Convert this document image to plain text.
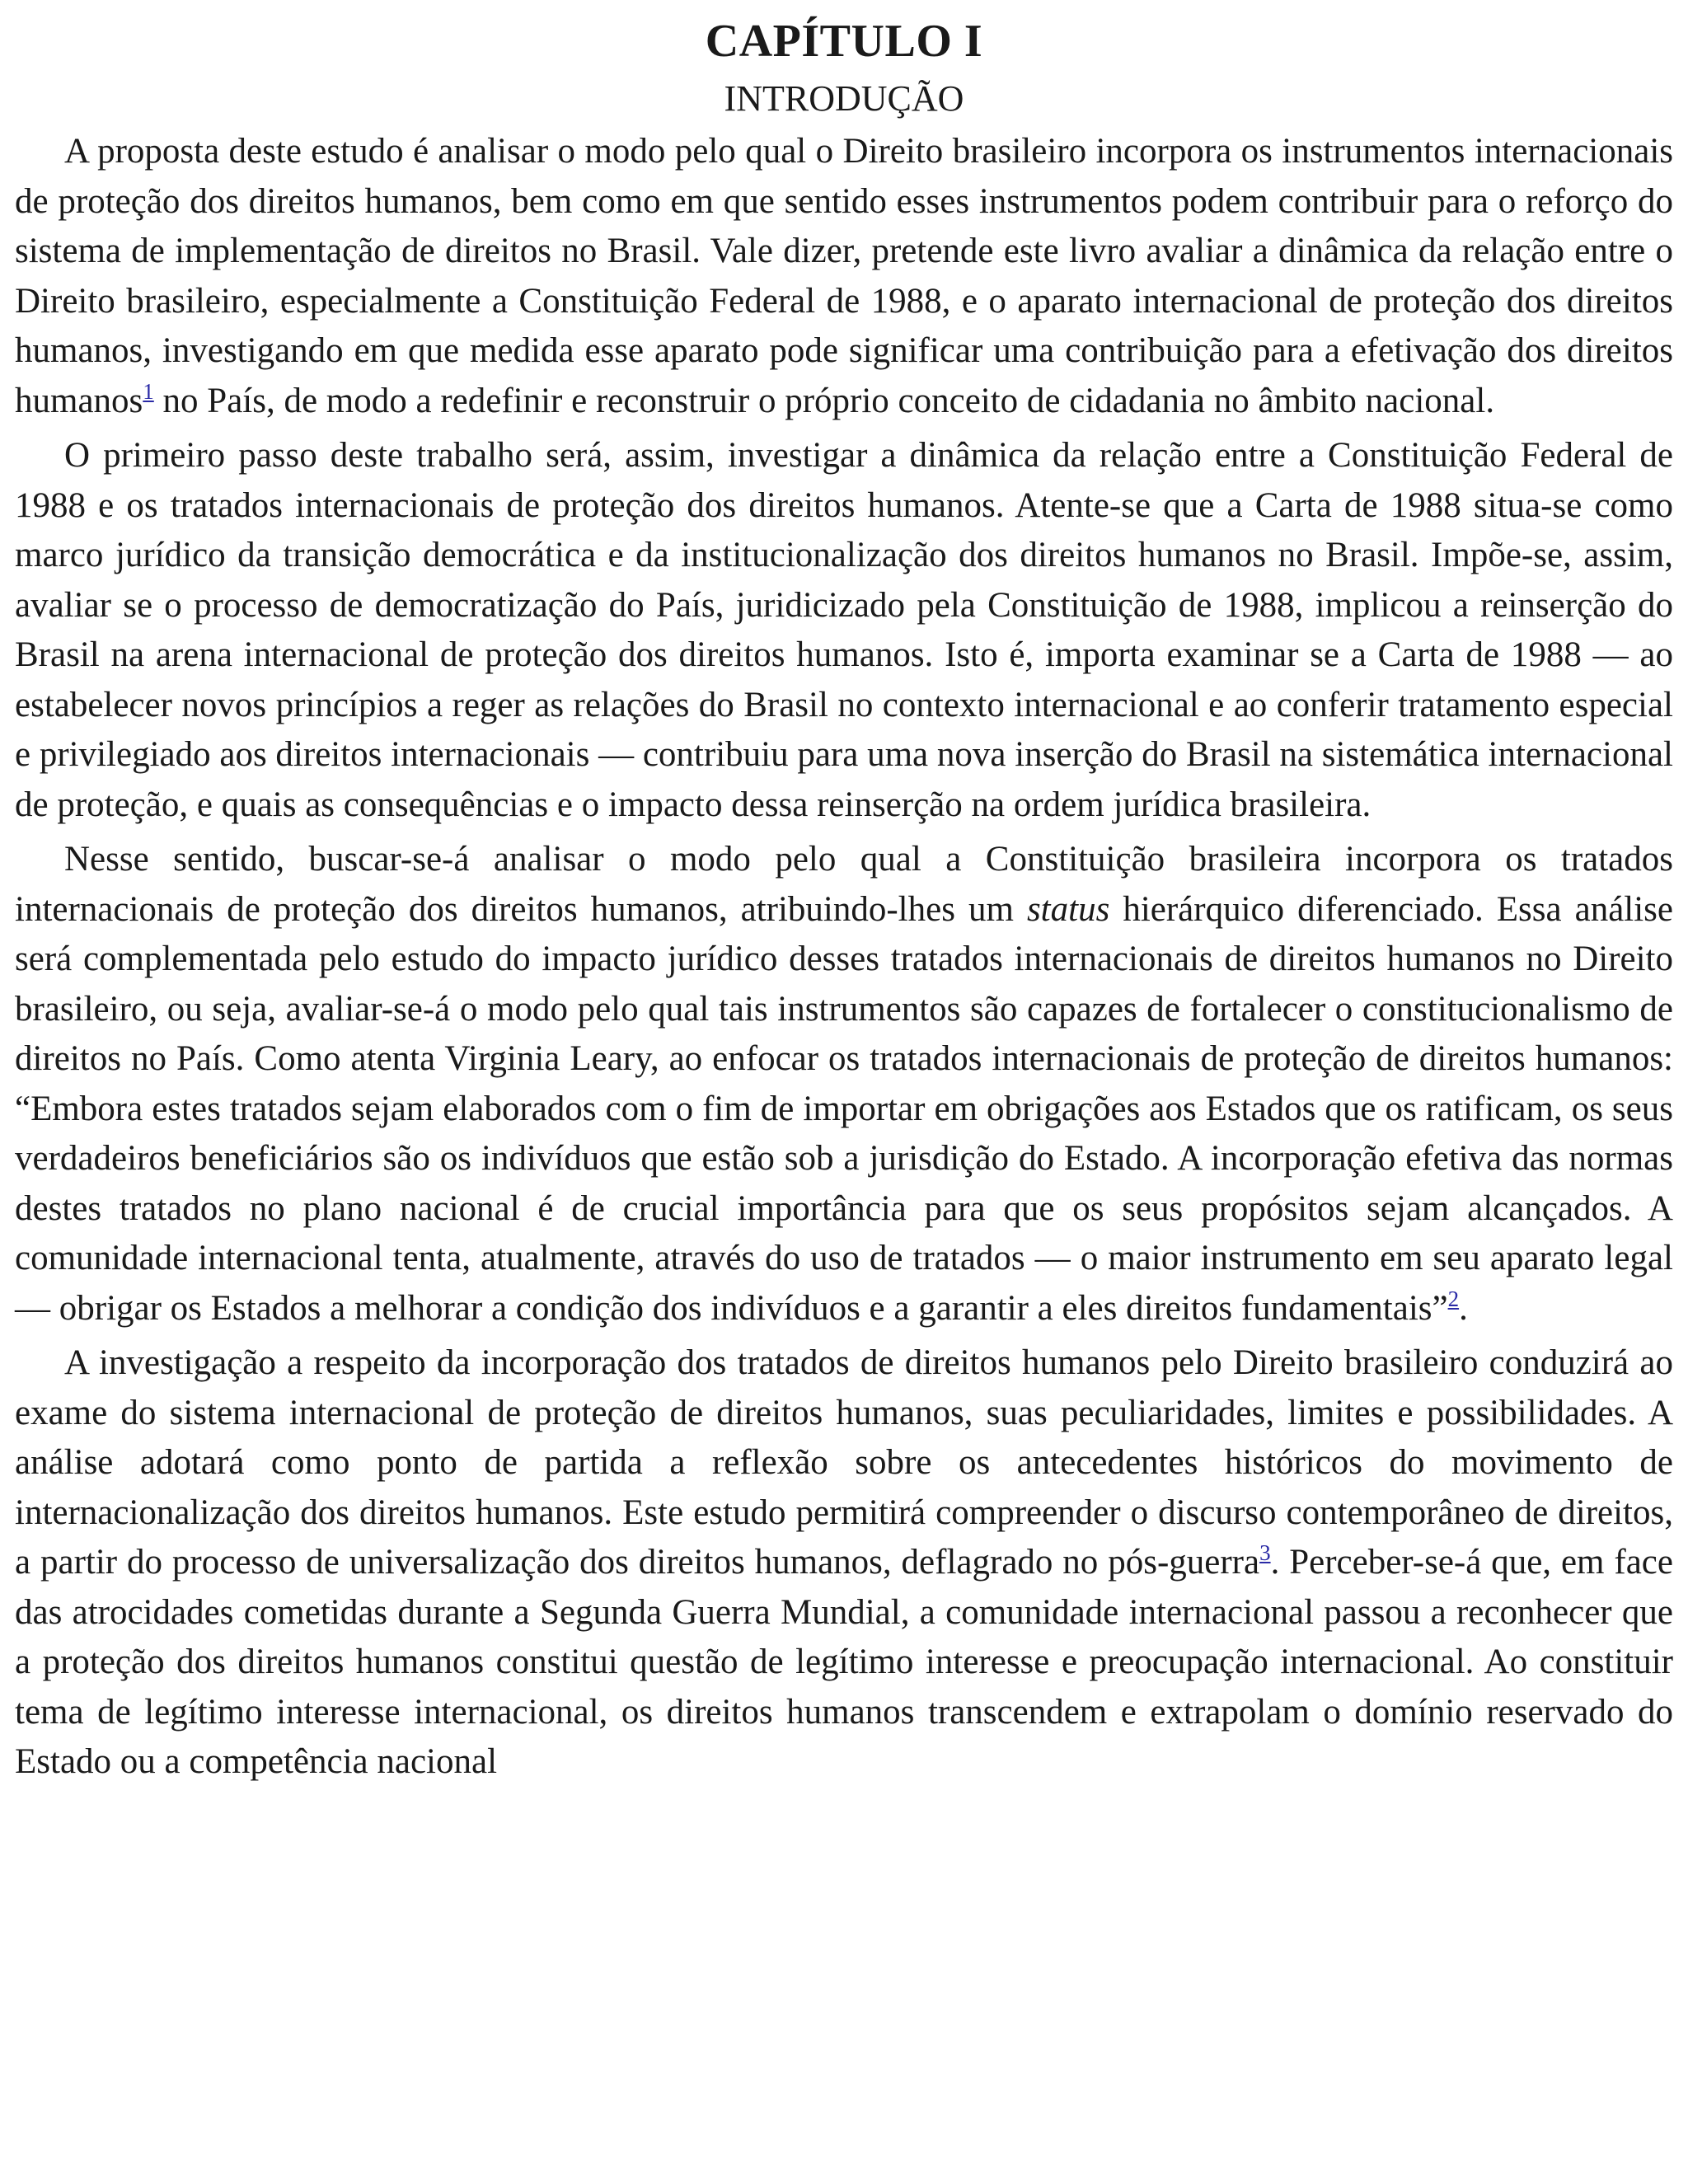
CAPÍTULO I
INTRODUÇÃO

A proposta deste estudo é analisar o modo pelo qual o Direito brasileiro incorpora os instrumentos internacionais de proteção dos direitos humanos, bem como em que sentido esses instrumentos podem contribuir para o reforço do sistema de implementação de direitos no Brasil. Vale dizer, pretende este livro avaliar a dinâmica da relação entre o Direito brasileiro, especialmente a Constituição Federal de 1988, e o aparato internacional de proteção dos direitos humanos, investigando em que medida esse aparato pode significar uma contribuição para a efetivação dos direitos humanos$^1$ no País, de modo a redefinir e reconstruir o próprio conceito de cidadania no âmbito nacional.

O primeiro passo deste trabalho será, assim, investigar a dinâmica da relação entre a Constituição Federal de 1988 e os tratados internacionais de proteção dos direitos humanos. Atente-se que a Carta de 1988 situa-se como marco jurídico da transição democrática e da institucionalização dos direitos humanos no Brasil. Impõe-se, assim, avaliar se o processo de democratização do País, juridicizado pela Constituição de 1988, implicou a reinserção do Brasil na arena internacional de proteção dos direitos humanos. Isto é, importa examinar se a Carta de 1988 — ao estabelecer novos princípios a reger as relações do Brasil no contexto internacional e ao conferir tratamento especial e privilegiado aos direitos internacionais — contribuiu para uma nova inserção do Brasil na sistemática internacional de proteção, e quais as consequências e o impacto dessa reinserção na ordem jurídica brasileira.

Nesse sentido, buscar-se-á analisar o modo pelo qual a Constituição brasileira incorpora os tratados internacionais de proteção dos direitos humanos, atribuindo-lhes um status hierárquico diferenciado. Essa análise será complementada pelo estudo do impacto jurídico desses tratados internacionais de direitos humanos no Direito brasileiro, ou seja, avaliar-se-á o modo pelo qual tais instrumentos são capazes de fortalecer o constitucionalismo de direitos no País. Como atenta Virginia Leary, ao enfocar os tratados internacionais de proteção de direitos humanos: “Embora estes tratados sejam elaborados com o fim de importar em obrigações aos Estados que os ratificam, os seus verdadeiros beneficiários são os indivíduos que estão sob a jurisdição do Estado. A incorporação efetiva das normas destes tratados no plano nacional é de crucial importância para que os seus propósitos sejam alcançados. A comunidade internacional tenta, atualmente, através do uso de tratados — o maior instrumento em seu aparato legal — obrigar os Estados a melhorar a condição dos indivíduos e a garantir a eles direitos fundamentais”$^2$.

A investigação a respeito da incorporação dos tratados de direitos humanos pelo Direito brasileiro conduzirá ao exame do sistema internacional de proteção de direitos humanos, suas peculiaridades, limites e possibilidades. A análise adotará como ponto de partida a reflexão sobre os antecedentes históricos do movimento de internacionalização dos direitos humanos. Este estudo permitirá compreender o discurso contemporâneo de direitos, a partir do processo de universalização dos direitos humanos, deflagrado no pós-guerra$^3$. Perceber-se-á que, em face das atrocidades cometidas durante a Segunda Guerra Mundial, a comunidade internacional passou a reconhecer que a proteção dos direitos humanos constitui questão de legítimo interesse e preocupação internacional. Ao constituir tema de legítimo interesse internacional, os direitos humanos transcendem e extrapolam o domínio reservado do Estado ou a competência nacional
